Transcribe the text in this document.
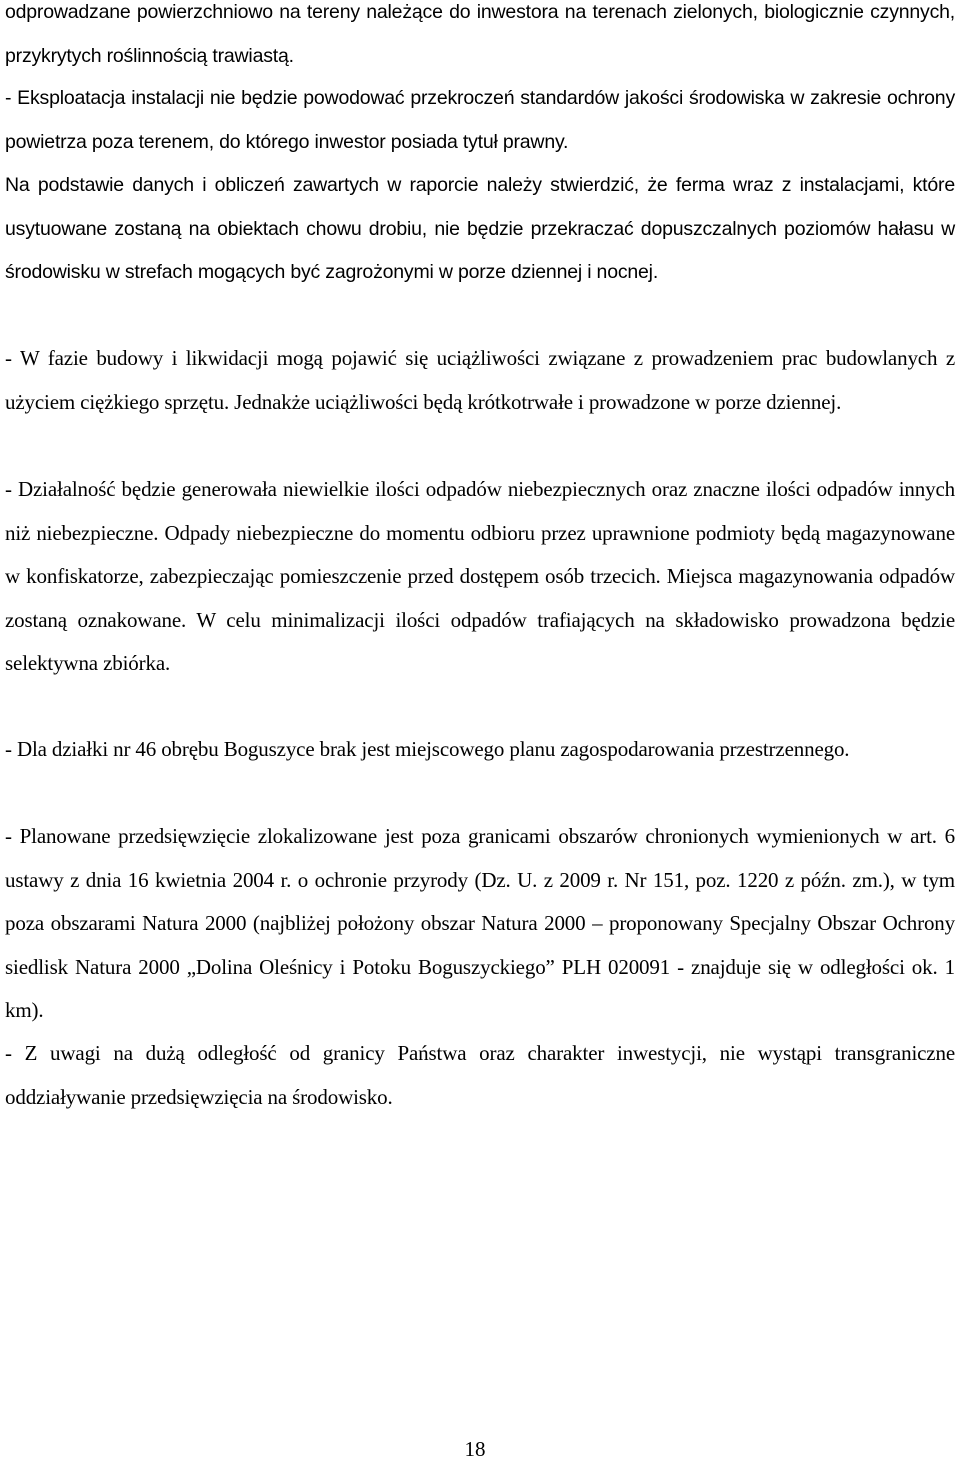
odprowadzane powierzchniowo na tereny należące do inwestora na terenach zielonych, biologicznie czynnych, przykrytych roślinnością trawiastą.

- Eksploatacja instalacji nie będzie powodować przekroczeń standardów jakości środowiska w zakresie ochrony powietrza poza terenem, do którego inwestor posiada tytuł prawny.

Na podstawie danych i obliczeń zawartych w raporcie należy stwierdzić, że ferma wraz z instalacjami, które usytuowane zostaną na obiektach chowu drobiu, nie będzie przekraczać dopuszczalnych poziomów hałasu w środowisku w strefach mogących być zagrożonymi w porze dziennej i nocnej.

- W fazie budowy i likwidacji mogą pojawić się uciążliwości związane z prowadzeniem prac budowlanych z użyciem ciężkiego sprzętu. Jednakże uciążliwości będą krótkotrwałe i prowadzone w porze dziennej.

- Działalność będzie generowała niewielkie ilości odpadów niebezpiecznych oraz znaczne ilości odpadów innych niż niebezpieczne. Odpady niebezpieczne do momentu odbioru przez uprawnione podmioty będą magazynowane w konfiskatorze, zabezpieczając pomieszczenie przed dostępem osób trzecich. Miejsca magazynowania odpadów zostaną oznakowane. W celu minimalizacji ilości odpadów trafiających na składowisko prowadzona będzie selektywna zbiórka.

- Dla działki nr 46 obrębu Boguszyce brak jest miejscowego planu zagospodarowania przestrzennego.

- Planowane przedsięwzięcie zlokalizowane jest poza granicami obszarów chronionych wymienionych w art. 6 ustawy z dnia 16 kwietnia 2004 r. o ochronie przyrody (Dz. U. z 2009 r. Nr 151, poz. 1220 z późn. zm.), w tym poza obszarami Natura 2000 (najbliżej położony obszar Natura 2000 – proponowany Specjalny Obszar Ochrony siedlisk Natura 2000 „Dolina Oleśnicy i Potoku Boguszyckiego” PLH 020091 - znajduje się w odległości ok. 1 km).

- Z uwagi na dużą odległość od granicy Państwa oraz charakter inwestycji, nie wystąpi transgraniczne oddziaływanie przedsięwzięcia na środowisko.

18
